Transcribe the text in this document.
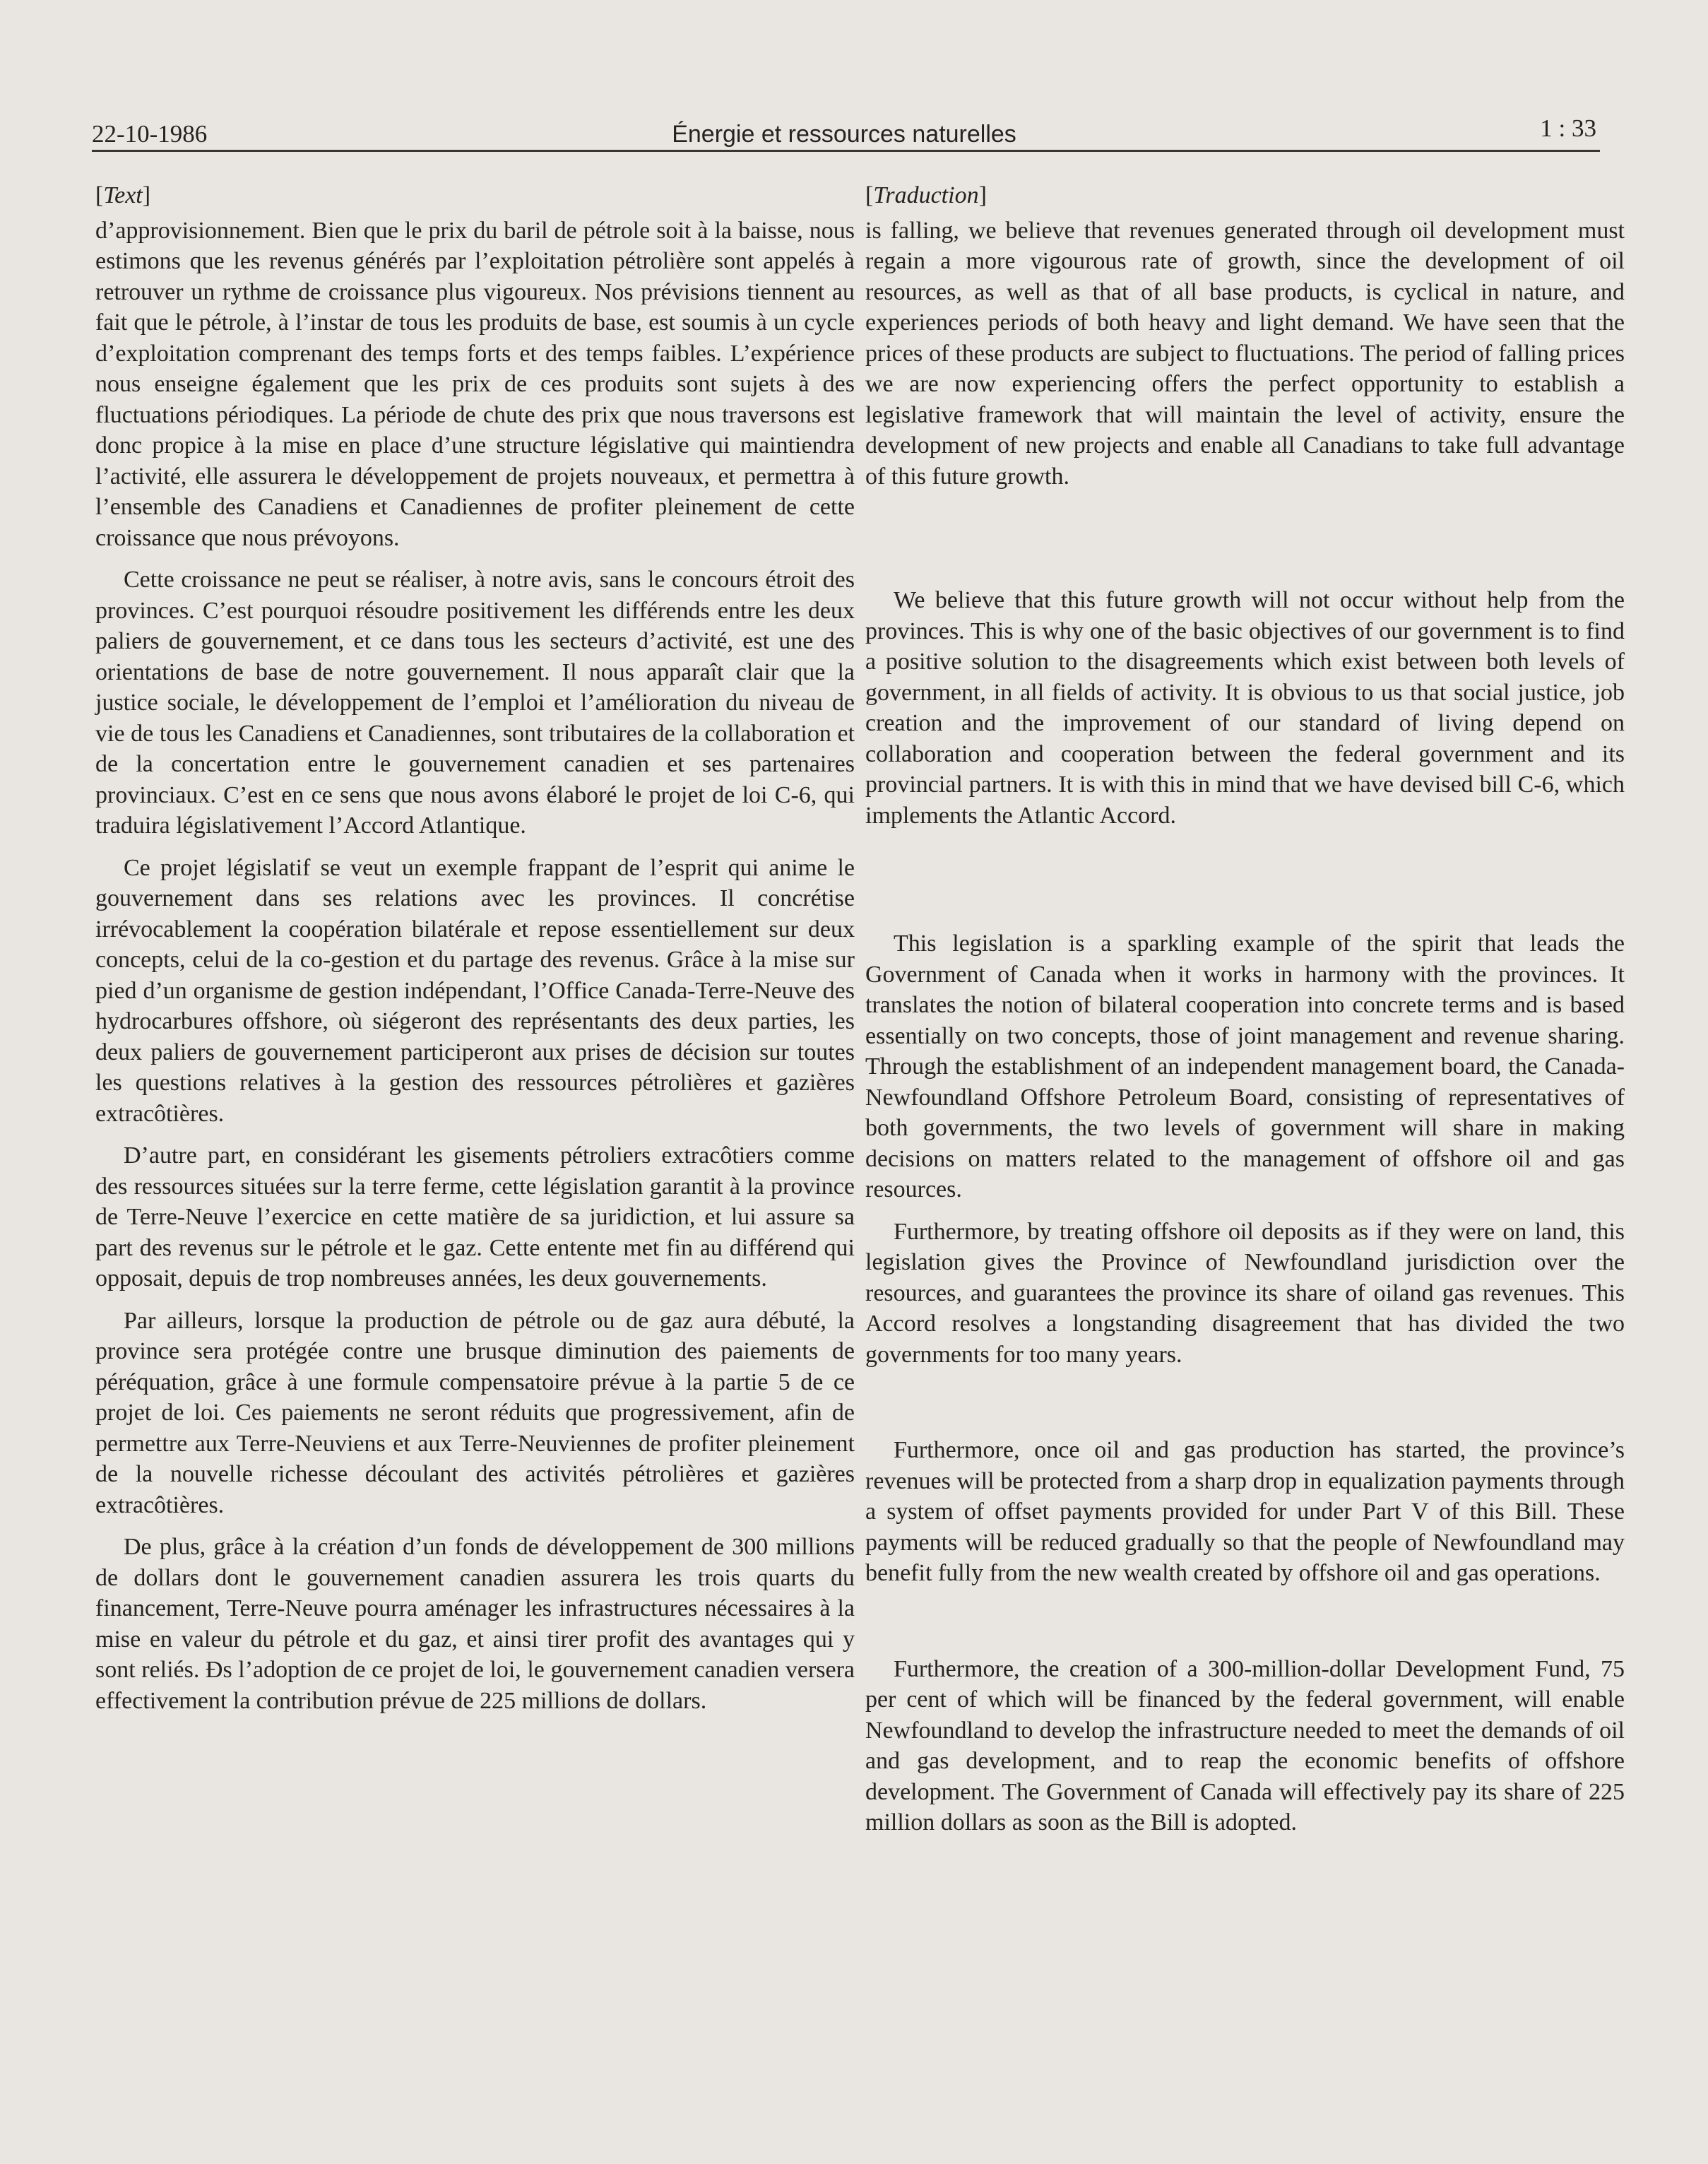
22-10-1986	Énergie et ressources naturelles	1 : 33
[Text]

d’approvisionnement. Bien que le prix du baril de pétrole soit à la baisse, nous estimons que les revenus générés par l’exploitation pétrolière sont appelés à retrouver un rythme de croissance plus vigoureux. Nos prévisions tiennent au fait que le pétrole, à l’instar de tous les produits de base, est soumis à un cycle d’exploitation comprenant des temps forts et des temps faibles. L’expérience nous enseigne également que les prix de ces produits sont sujets à des fluctuations périodiques. La période de chute des prix que nous traversons est donc propice à la mise en place d’une structure législative qui maintiendra l’activité, elle assurera le développement de projets nouveaux, et permettra à l’ensemble des Canadiens et Canadiennes de profiter pleinement de cette croissance que nous prévoyons.

Cette croissance ne peut se réaliser, à notre avis, sans le concours étroit des provinces. C’est pourquoi résoudre positivement les différends entre les deux paliers de gouvernement, et ce dans tous les secteurs d’activité, est une des orientations de base de notre gouvernement. Il nous apparaît clair que la justice sociale, le développement de l’emploi et l’amélioration du niveau de vie de tous les Canadiens et Canadiennes, sont tributaires de la collaboration et de la concertation entre le gouvernement canadien et ses partenaires provinciaux. C’est en ce sens que nous avons élaboré le projet de loi C-6, qui traduira législativement l’Accord Atlantique.

Ce projet législatif se veut un exemple frappant de l’esprit qui anime le gouvernement dans ses relations avec les provinces. Il concrétise irrévocablement la coopération bilatérale et repose essentiellement sur deux concepts, celui de la co-gestion et du partage des revenus. Grâce à la mise sur pied d’un organisme de gestion indépendant, l’Office Canada-Terre-Neuve des hydrocarbures offshore, où siégeront des représentants des deux parties, les deux paliers de gouvernement participeront aux prises de décision sur toutes les questions relatives à la gestion des ressources pétrolières et gazières extracôtières.

D’autre part, en considérant les gisements pétroliers extracôtiers comme des ressources situées sur la terre ferme, cette législation garantit à la province de Terre-Neuve l’exercice en cette matière de sa juridiction, et lui assure sa part des revenus sur le pétrole et le gaz. Cette entente met fin au différend qui opposait, depuis de trop nombreuses années, les deux gouvernements.

Par ailleurs, lorsque la production de pétrole ou de gaz aura débuté, la province sera protégée contre une brusque diminution des paiements de péréquation, grâce à une formule compensatoire prévue à la partie 5 de ce projet de loi. Ces paiements ne seront réduits que progressivement, afin de permettre aux Terre-Neuviens et aux Terre-Neuviennes de profiter pleinement de la nouvelle richesse découlant des activités pétrolières et gazières extracôtières.

De plus, grâce à la création d’un fonds de développement de 300 millions de dollars dont le gouvernement canadien assurera les trois quarts du financement, Terre-Neuve pourra aménager les infrastructures nécessaires à la mise en valeur du pétrole et du gaz, et ainsi tirer profit des avantages qui y sont reliés. Ðs l’adoption de ce projet de loi, le gouvernement canadien versera effectivement la contribution prévue de 225 millions de dollars.

[Traduction]

is falling, we believe that revenues generated through oil development must regain a more vigourous rate of growth, since the development of oil resources, as well as that of all base products, is cyclical in nature, and experiences periods of both heavy and light demand. We have seen that the prices of these products are subject to fluctuations. The period of falling prices we are now experiencing offers the perfect opportunity to establish a legislative framework that will maintain the level of activity, ensure the development of new projects and enable all Canadians to take full advantage of this future growth.

We believe that this future growth will not occur without help from the provinces. This is why one of the basic objectives of our government is to find a positive solution to the disagreements which exist between both levels of government, in all fields of activity. It is obvious to us that social justice, job creation and the improvement of our standard of living depend on collaboration and cooperation between the federal government and its provincial partners. It is with this in mind that we have devised bill C-6, which implements the Atlantic Accord.

This legislation is a sparkling example of the spirit that leads the Government of Canada when it works in harmony with the provinces. It translates the notion of bilateral cooperation into concrete terms and is based essentially on two concepts, those of joint management and revenue sharing. Through the establishment of an independent management board, the Canada-Newfoundland Offshore Petroleum Board, consisting of representatives of both governments, the two levels of government will share in making decisions on matters related to the management of offshore oil and gas resources.

Furthermore, by treating offshore oil deposits as if they were on land, this legislation gives the Province of Newfoundland jurisdiction over the resources, and guarantees the province its share of oiland gas revenues. This Accord resolves a longstanding disagreement that has divided the two governments for too many years.

Furthermore, once oil and gas production has started, the province’s revenues will be protected from a sharp drop in equalization payments through a system of offset payments provided for under Part V of this Bill. These payments will be reduced gradually so that the people of Newfoundland may benefit fully from the new wealth created by offshore oil and gas operations.

Furthermore, the creation of a 300-million-dollar Development Fund, 75 per cent of which will be financed by the federal government, will enable Newfoundland to develop the infrastructure needed to meet the demands of oil and gas development, and to reap the economic benefits of offshore development. The Government of Canada will effectively pay its share of 225 million dollars as soon as the Bill is adopted.
